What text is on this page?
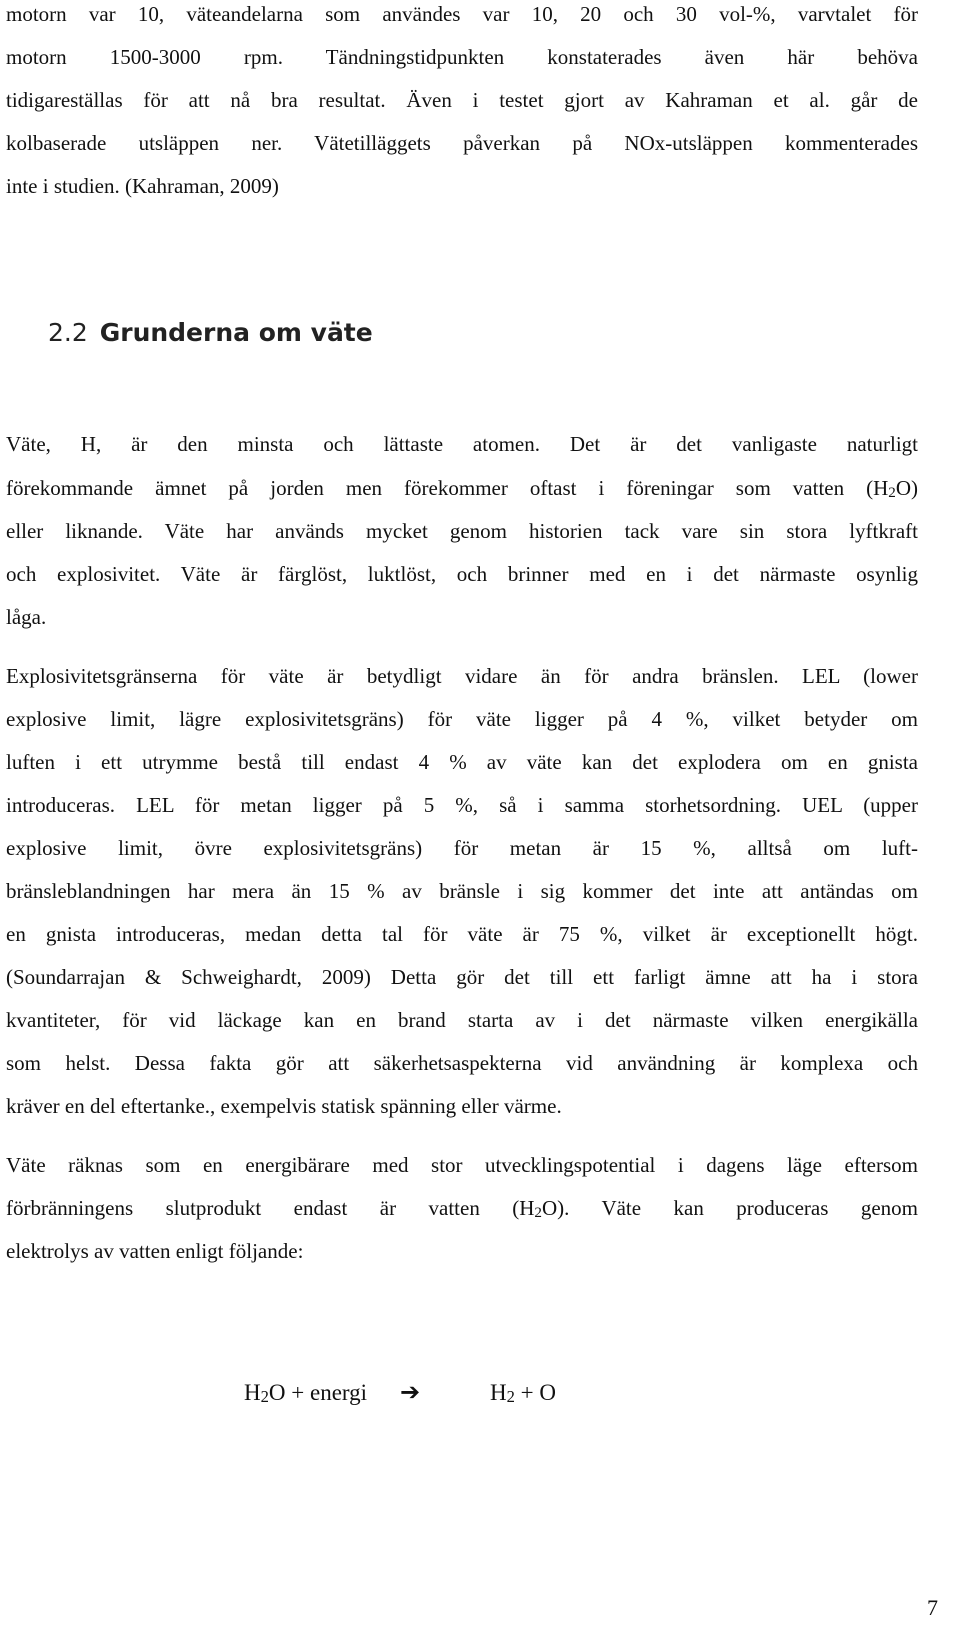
motorn var 10, väteandelarna som användes var 10, 20 och 30 vol-%, varvtalet för
motorn 1500-3000 rpm. Tändningstidpunkten konstaterades även här behöva
tidigareställas för att nå bra resultat. Även i testet gjort av Kahraman et al. går de
kolbaserade utsläppen ner. Vätetilläggets påverkan på NOx-utsläppen kommenterades
inte i studien. (Kahraman, 2009)
2.2 Grunderna om väte
Väte, H, är den minsta och lättaste atomen. Det är det vanligaste naturligt
förekommande ämnet på jorden men förekommer oftast i föreningar som vatten $(H_2O)$
eller liknande. Väte har används mycket genom historien tack vare sin stora lyftkraft
och explosivitet. Väte är färglöst, luktlöst, och brinner med en i det närmaste osynlig
låga.
Explosivitetsgränserna för väte är betydligt vidare än för andra bränslen. LEL (lower
explosive limit, lägre explosivitetsgräns) för väte ligger på 4 %, vilket betyder om
luften i ett utrymme bestå till endast 4 % av väte kan det explodera om en gnista
introduceras. LEL för metan ligger på 5 %, så i samma storhetsordning. UEL (upper
explosive limit, övre explosivitetsgräns) för metan är 15 %, alltså om luft-
bränsleblandningen har mera än 15 % av bränsle i sig kommer det inte att antändas om
en gnista introduceras, medan detta tal för väte är 75 %, vilket är exceptionellt högt.
(Soundarrajan & Schweighardt, 2009) Detta gör det till ett farligt ämne att ha i stora
kvantiteter, för vid läckage kan en brand starta av i det närmaste vilken energikälla
som helst. Dessa fakta gör att säkerhetsaspekterna vid användning är komplexa och
kräver en del eftertanke., exempelvis statisk spänning eller värme.
Väte räknas som en energibärare med stor utvecklingspotential i dagens läge eftersom
förbränningens slutprodukt endast är vatten $(H_2O)$. Väte kan produceras genom
elektrolys av vatten enligt följande:
$H_2O$ + energi ➔	$H_2 + O$
7
